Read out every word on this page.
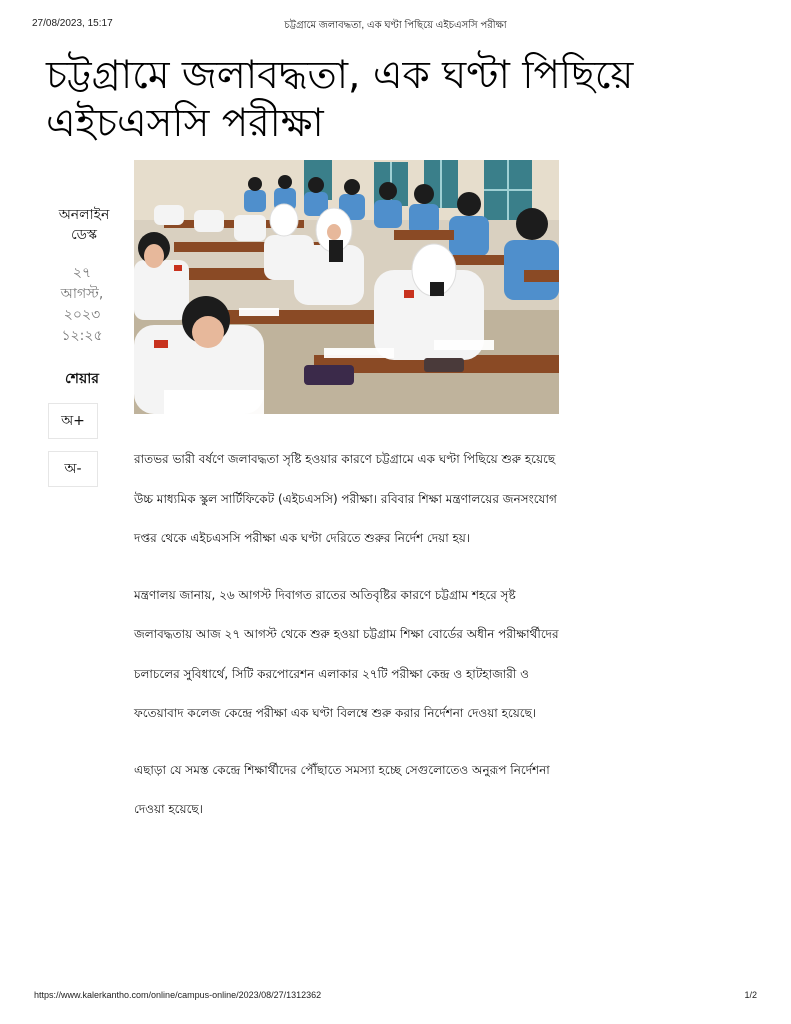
27/08/2023, 15:17	চট্টগ্রামে জলাবদ্ধতা, এক ঘণ্টা পিছিয়ে এইচএসসি পরীক্ষা
চট্টগ্রামে জলাবদ্ধতা, এক ঘণ্টা পিছিয়ে এইচএসসি পরীক্ষা
অনলাইন ডেস্ক
২৭
আগস্ট,
২০২৩
১২:২৫
শেয়ার
অ+
অ-

রাতভর ভারী বর্ষণে জলাবদ্ধতা সৃষ্টি হওয়ার কারণে চট্টগ্রামে এক ঘণ্টা পিছিয়ে শুরু হয়েছে উচ্চ মাধ্যমিক স্কুল সার্টিফিকেট (এইচএসসি) পরীক্ষা। রবিবার শিক্ষা মন্ত্রণালয়ের জনসংযোগ দপ্তর থেকে এইচএসসি পরীক্ষা এক ঘণ্টা দেরিতে শুরুর নির্দেশ দেয়া হয়।

মন্ত্রণালয় জানায়, ২৬ আগস্ট দিবাগত রাতের অতিবৃষ্টির কারণে চট্টগ্রাম শহরে সৃষ্ট জলাবদ্ধতায় আজ ২৭ আগস্ট থেকে শুরু হওয়া চট্টগ্রাম শিক্ষা বোর্ডের অধীন পরীক্ষার্থীদের চলাচলের সুবিধার্থে, সিটি করপোরেশন এলাকার ২৭টি পরীক্ষা কেন্দ্র ও হাটহাজারী ও ফতেয়াবাদ কলেজ কেন্দ্রে পরীক্ষা এক ঘণ্টা বিলম্বে শুরু করার নির্দেশনা দেওয়া হয়েছে।

এছাড়া যে সমস্ত কেন্দ্রে শিক্ষার্থীদের পৌঁছাতে সমস্যা হচ্ছে সেগুলোতেও অনুরূপ নির্দেশনা দেওয়া হয়েছে।

https://www.kalerkantho.com/online/campus-online/2023/08/27/1312362	1/2
